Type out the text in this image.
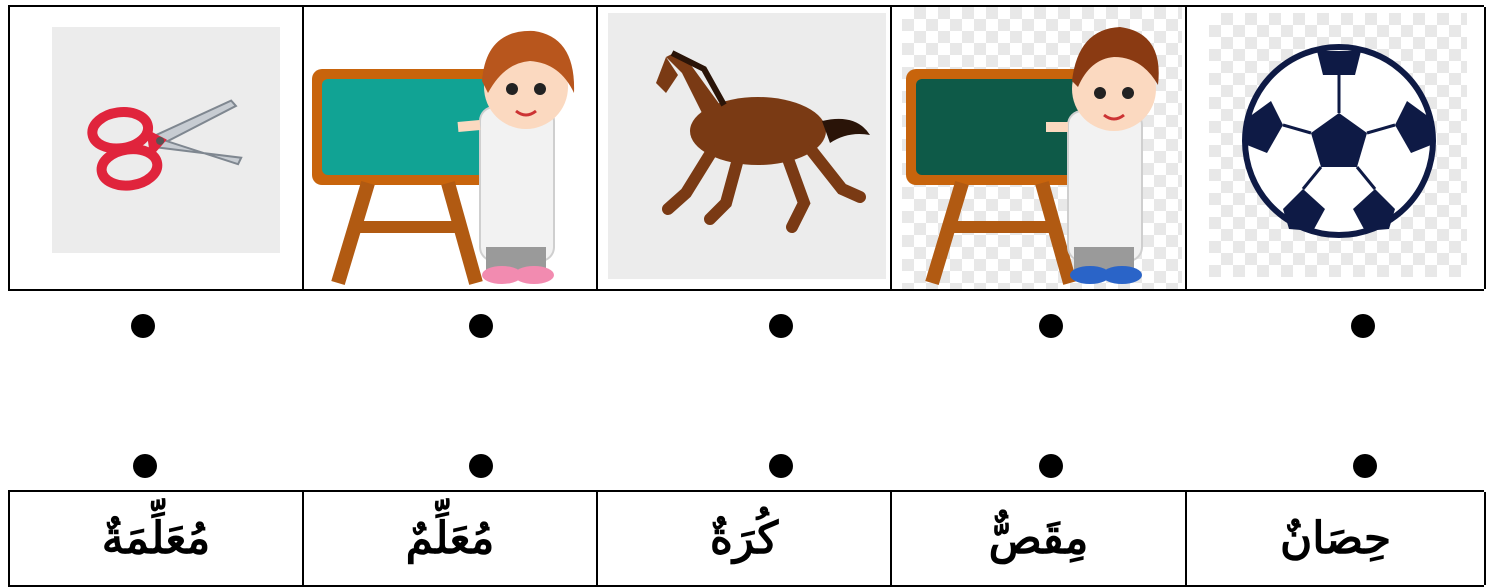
مُعَلِّمَةٌ	مُعَلِّمٌ	كُرَةٌ	مِقَصٌّ	حِصَانٌ
